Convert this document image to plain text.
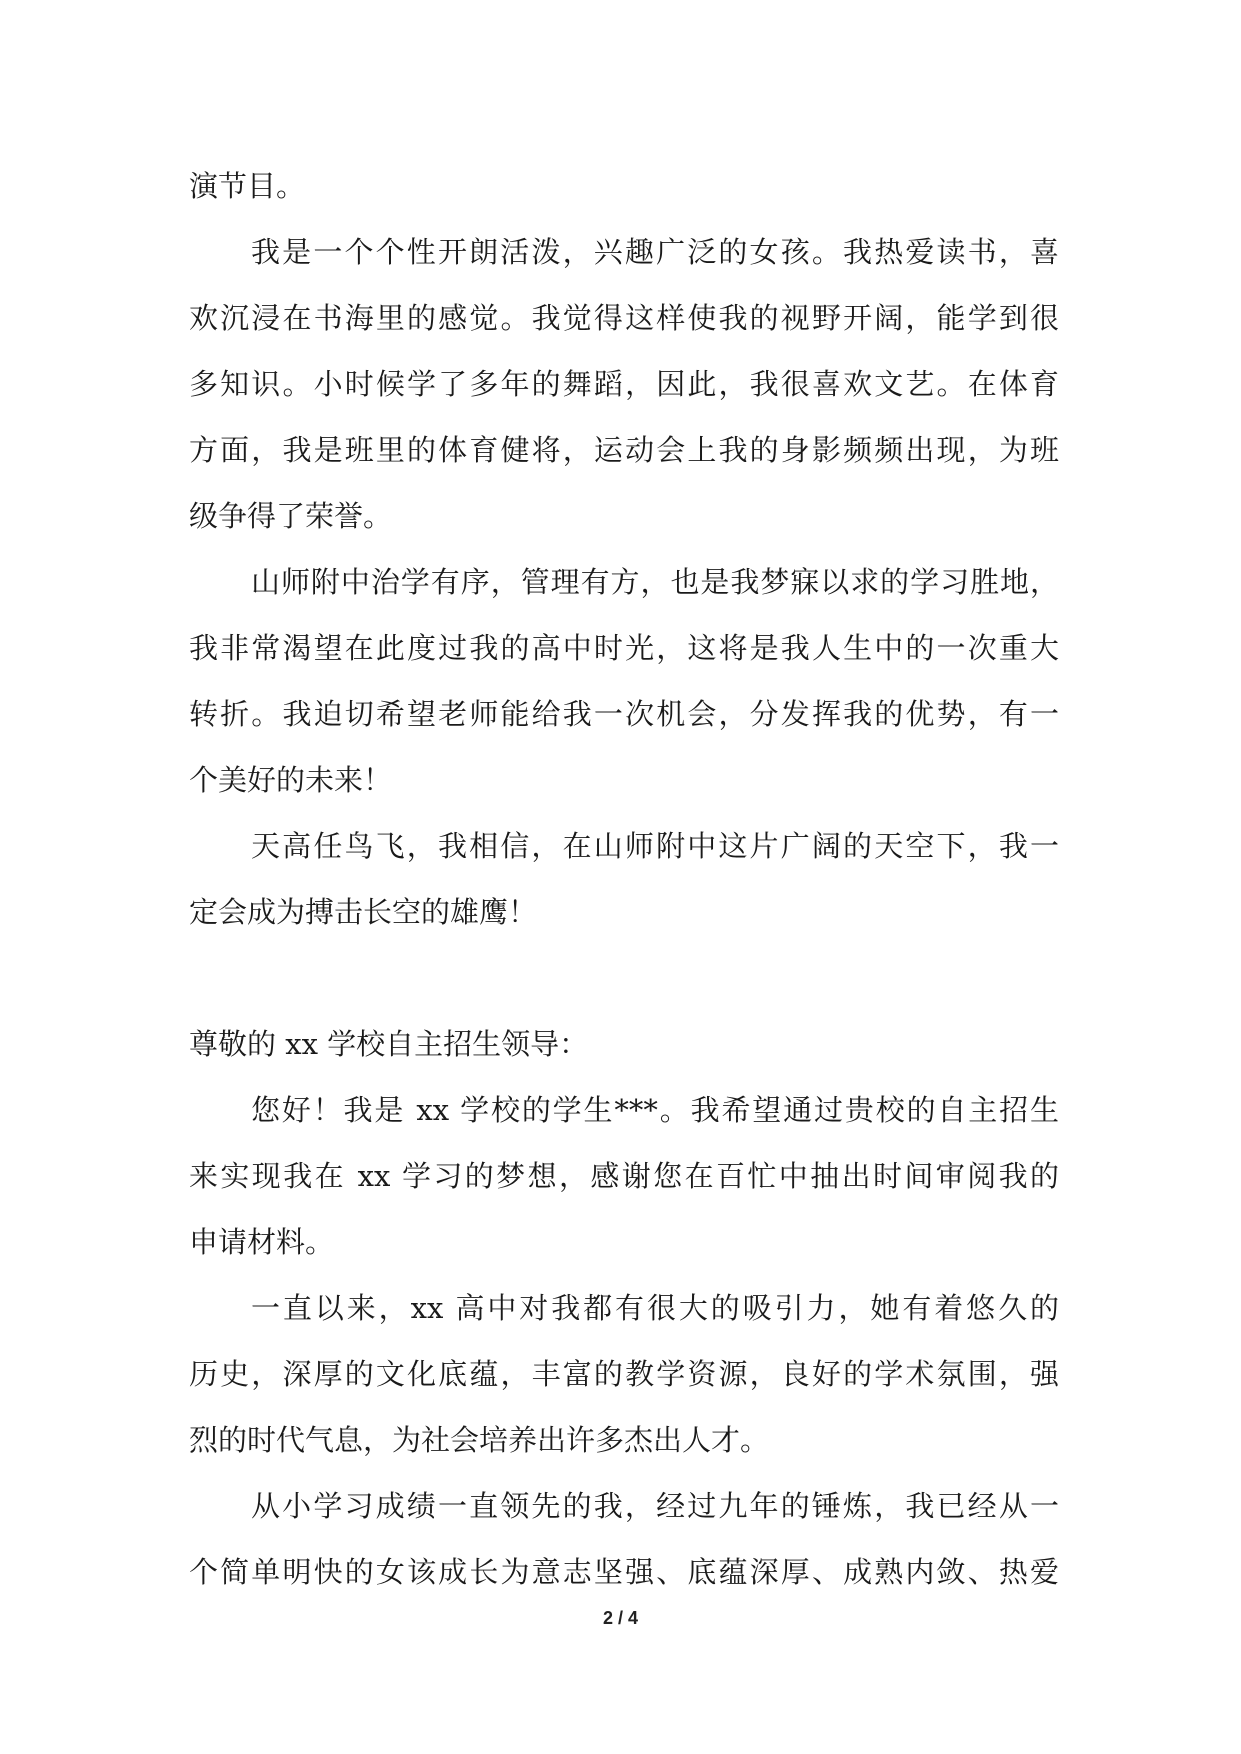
演节目。
我是一个个性开朗活泼，兴趣广泛的女孩。我热爱读书，喜
欢沉浸在书海里的感觉。我觉得这样使我的视野开阔，能学到很
多知识。小时候学了多年的舞蹈，因此，我很喜欢文艺。在体育
方面，我是班里的体育健将，运动会上我的身影频频出现，为班
级争得了荣誉。
山师附中治学有序，管理有方，也是我梦寐以求的学习胜地，
我非常渴望在此度过我的高中时光，这将是我人生中的一次重大
转折。我迫切希望老师能给我一次机会，分发挥我的优势，有一
个美好的未来！
天高任鸟飞，我相信，在山师附中这片广阔的天空下，我一
定会成为搏击长空的雄鹰！
尊敬的 xx 学校自主招生领导：
您好！我是 xx 学校的学生***。我希望通过贵校的自主招生
来实现我在 xx 学习的梦想，感谢您在百忙中抽出时间审阅我的
申请材料。
一直以来，xx 高中对我都有很大的吸引力，她有着悠久的
历史，深厚的文化底蕴，丰富的教学资源，良好的学术氛围，强
烈的时代气息，为社会培养出许多杰出人才。
从小学习成绩一直领先的我，经过九年的锤炼，我已经从一
个简单明快的女该成长为意志坚强、底蕴深厚、成熟内敛、热爱
2 / 4
